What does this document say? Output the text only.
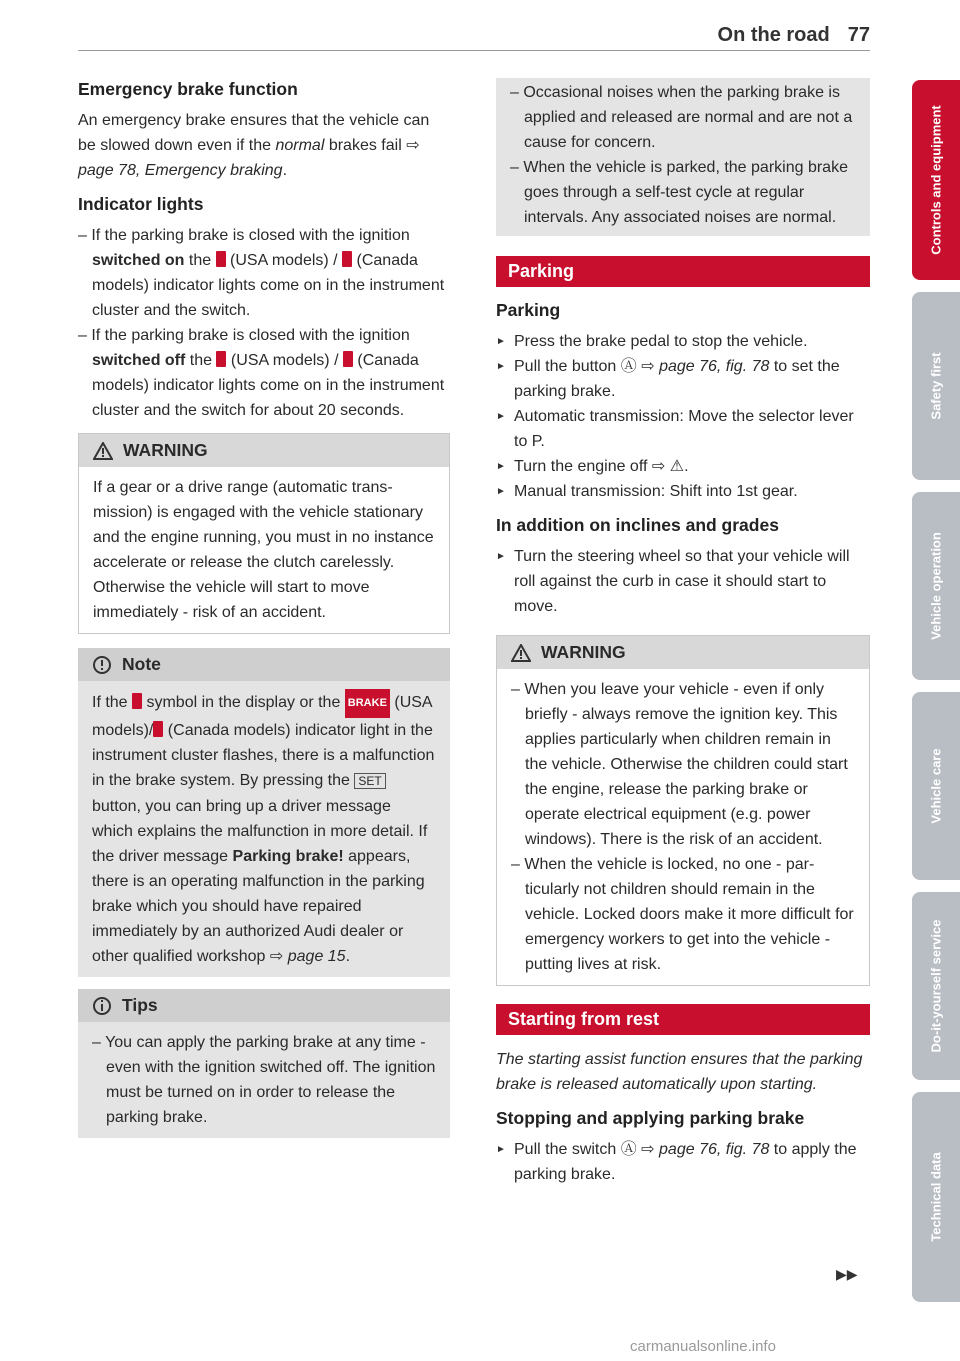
On the road 77
Emergency brake function

An emergency brake ensures that the vehicle can be slowed down even if the normal brakes fail ⇨ page 78, Emergency braking.

Indicator lights
– If the parking brake is closed with the ignition switched on the  (USA models) /  (Canada models) indicator lights come on in the instrument cluster and the switch.
– If the parking brake is closed with the ignition switched off the  (USA models) /  (Canada models) indicator lights come on in the instrument cluster and the switch for about 20 seconds.
WARNING

If a gear or a drive range (automatic transmission) is engaged with the vehicle stationary and the engine running, you must in no instance accelerate or release the clutch carelessly. Otherwise the vehicle will start to move immediately - risk of an accident.

Note

If the  symbol in the display or the BRAKE (USA models)/ (Canada models) indicator light in the instrument cluster flashes, there is a malfunction in the brake system. By pressing the SET button, you can bring up a driver message which explains the malfunction in more detail. If the driver message Parking brake! appears, there is an operating malfunction in the parking brake which you should have repaired immediately by an authorized Audi dealer or other qualified workshop ⇨ page 15.

Tips
– You can apply the parking brake at any time - even with the ignition switched off. The ignition must be turned on in order to release the parking brake.
– Occasional noises when the parking brake is applied and released are normal and are not a cause for concern.
– When the vehicle is parked, the parking brake goes through a self-test cycle at regular intervals. Any associated noises are normal.
Parking
Parking
► Press the brake pedal to stop the vehicle.
► Pull the button Ⓐ ⇨ page 76, fig. 78 to set the parking brake.
► Automatic transmission: Move the selector lever to P.
► Turn the engine off ⇨ ⚠.
► Manual transmission: Shift into 1st gear.
In addition on inclines and grades
► Turn the steering wheel so that your vehicle will roll against the curb in case it should start to move.
WARNING
– When you leave your vehicle - even if only briefly - always remove the ignition key. This applies particularly when children remain in the vehicle. Otherwise the children could start the engine, release the parking brake or operate electrical equipment (e.g. power windows). There is the risk of an accident.
– When the vehicle is locked, no one - particularly not children should remain in the vehicle. Locked doors make it more difficult for emergency workers to get into the vehicle - putting lives at risk.
Starting from rest

The starting assist function ensures that the parking brake is released automatically upon starting.

Stopping and applying parking brake
► Pull the switch Ⓐ ⇨ page 76, fig. 78 to apply the parking brake.
▶▶
Controls and equipment
Safety first
Vehicle operation
Vehicle care
Do-it-yourself service
Technical data
carmanualsonline.info
